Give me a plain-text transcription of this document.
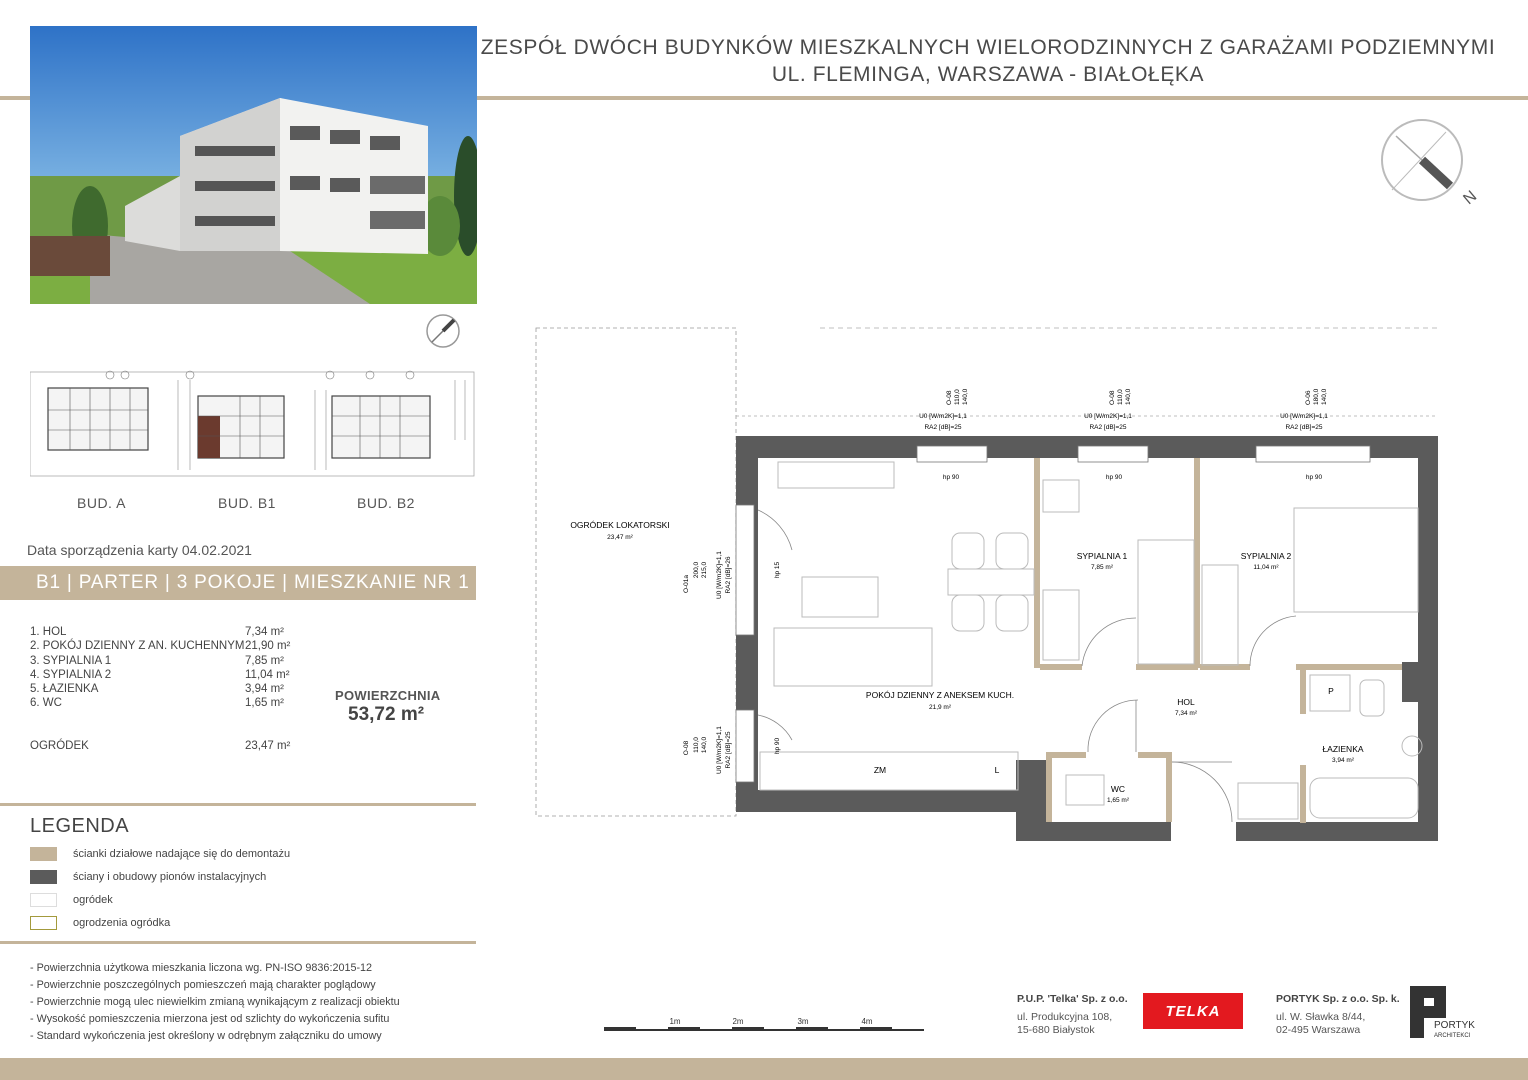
ZESPÓŁ DWÓCH BUDYNKÓW MIESZKALNYCH WIELORODZINNYCH Z GARAŻAMI PODZIEMNYMI
UL. FLEMINGA, WARSZAWA - BIAŁOŁĘKA
BUD. A	BUD. B1	BUD. B2
Data sporządzenia karty 04.02.2021
B1 | PARTER | 3 POKOJE | MIESZKANIE NR 1
1. HOL	7,34 m²
2. POKÓJ DZIENNY Z AN. KUCHENNYM 21,90 m²
3. SYPIALNIA 1	7,85 m²
4. SYPIALNIA 2	11,04 m²
5. ŁAZIENKA	3,94 m²
6. WC	1,65 m²
POWIERZCHNIA
53,72 m²
OGRÓDEK	23,47 m²
LEGENDA
ścianki działowe nadające się do demontażu
ściany i obudowy pionów instalacyjnych
ogródek
ogrodzenia ogródka
- Powierzchnia użytkowa mieszkania liczona wg. PN-ISO 9836:2015-12
- Powierzchnie poszczególnych pomieszczeń mają charakter poglądowy
- Powierzchnie mogą ulec niewielkim zmianą wynikającym z realizacji obiektu
- Wysokość pomieszczenia mierzona jest od szlichty do wykończenia sufitu
- Standard wykończenia jest określony w odrębnym załączniku do umowy
N
OGRÓDEK LOKATORSKI
23,47 m²
POKÓJ DZIENNY Z ANEKSEM KUCH.
21,9 m²
SYPIALNIA 1
7,85 m²
SYPIALNIA 2
11,04 m²
HOL
7,34 m²
ŁAZIENKA
3,94 m²
WC
1,65 m²
ZM	L
P
O-08 110,0 140,0
U0 [W/m2K]=1,1
RA2 [dB]=25
hp 90
O-08 110,0 140,0
U0 [W/m2K]=1,1
RA2 [dB]=25
hp 90
O-06 180,0 140,0
U0 [W/m2K]=1,1
RA2 [dB]=25
hp 90
O-01a
200,0 215,0 U0 [W/m2K]=1,1 RA2 [dB]=26	hp 15
O-08 110,0 140,0 U0 [W/m2K]=1,1 RA2 [dB]=25	hp 90
1m	2m	3m	4m
P.U.P. 'Telka' Sp. z o.o.
ul. Produkcyjna 108,
15-680 Białystok
TELKA
PORTYK Sp. z o.o. Sp. k.
ul. W. Sławka 8/44,
02-495 Warszawa	PORTYK
ARCHITEKCI
